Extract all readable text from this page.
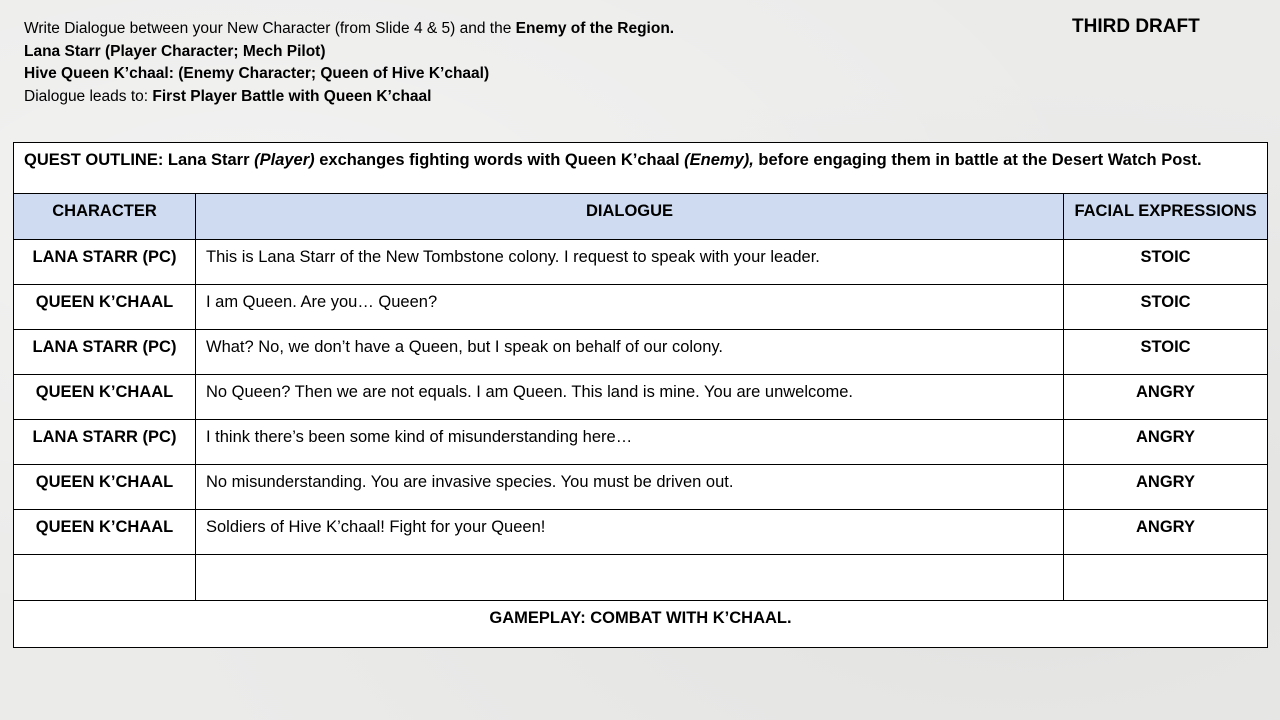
Write Dialogue between your New Character (from Slide 4 & 5) and the Enemy of the Region.
Lana Starr (Player Character; Mech Pilot)
Hive Queen K’chaal: (Enemy Character; Queen of Hive K’chaal)
Dialogue leads to: First Player Battle with Queen K’chaal
THIRD DRAFT
QUEST OUTLINE: Lana Starr (Player) exchanges fighting words with Queen K’chaal (Enemy), before engaging them in battle at the Desert Watch Post.		
CHARACTER	DIALOGUE	FACIAL EXPRESSIONS
LANA STARR (PC)	This is Lana Starr of the New Tombstone colony. I request to speak with your leader.	STOIC
QUEEN K’CHAAL	I am Queen. Are you… Queen?	STOIC
LANA STARR (PC)	What? No, we don’t have a Queen, but I speak on behalf of our colony.	STOIC
QUEEN K’CHAAL	No Queen? Then we are not equals. I am Queen. This land is mine. You are unwelcome.	ANGRY
LANA STARR (PC)	I think there’s been some kind of misunderstanding here…	ANGRY
QUEEN K’CHAAL	No misunderstanding. You are invasive species. You must be driven out.	ANGRY
QUEEN K’CHAAL	Soldiers of Hive K’chaal! Fight for your Queen!	ANGRY

GAMEPLAY: COMBAT WITH K’CHAAL.		
